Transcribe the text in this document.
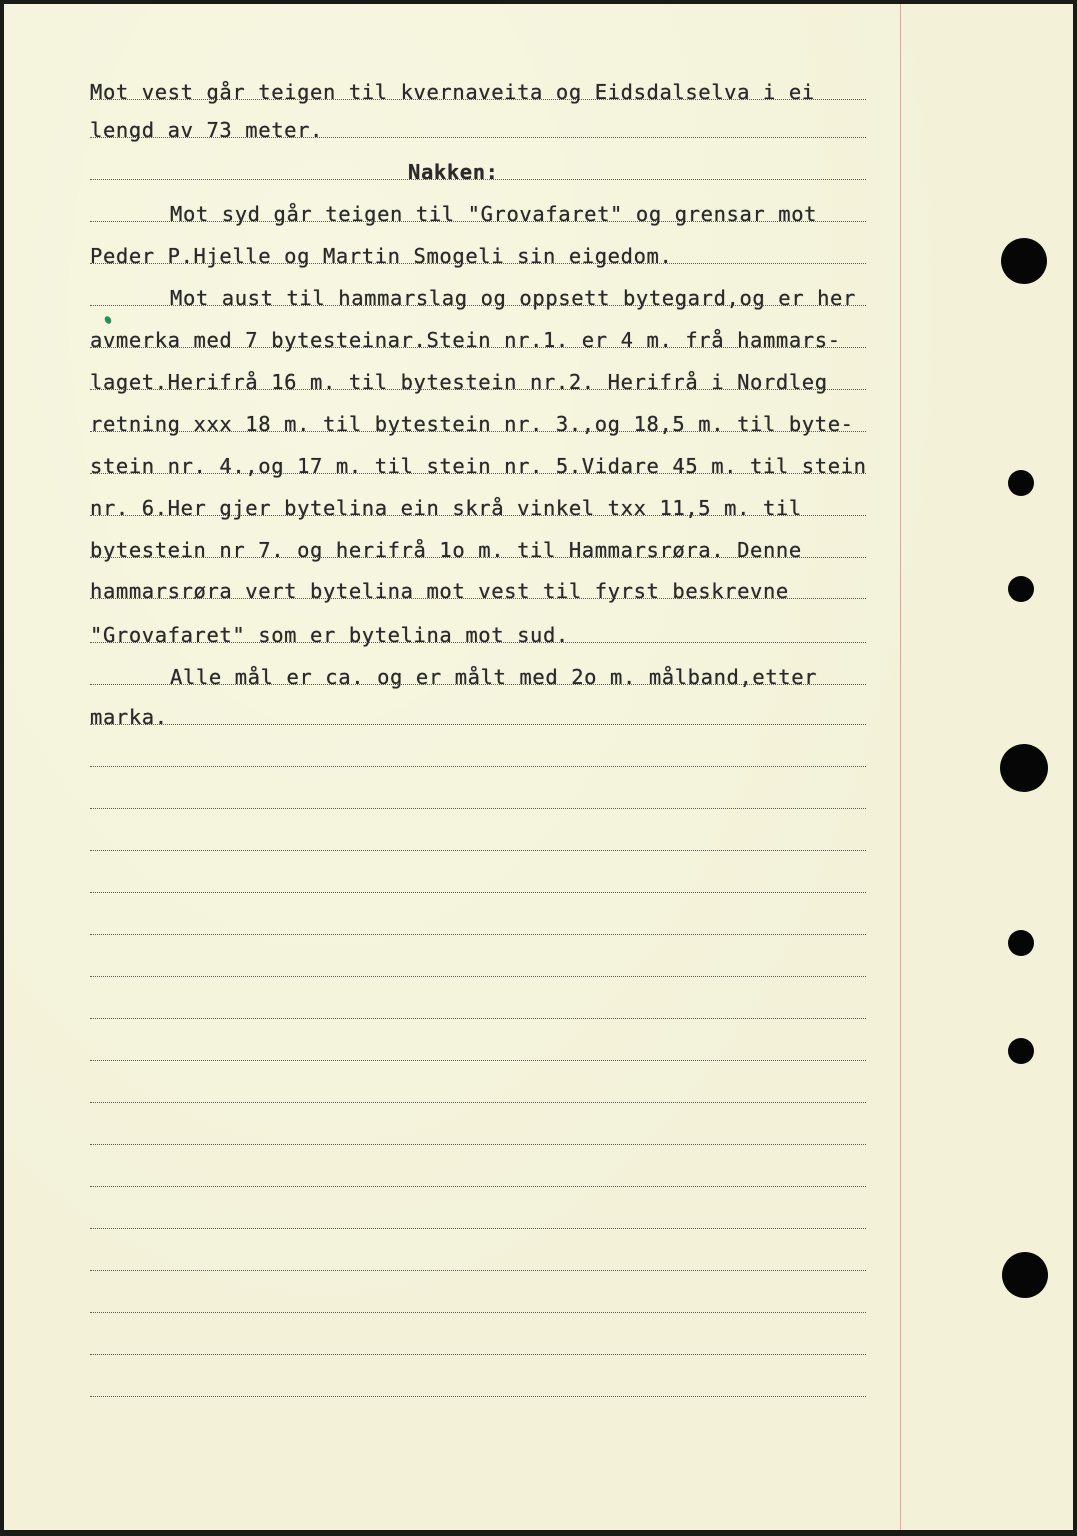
Mot vest går teigen til kvernaveita og Eidsdalselva i ei
lengd av 73 meter.
Nakken:
Mot syd går teigen til "Grovafaret" og grensar mot
Peder P.Hjelle og Martin Smogeli sin eigedom.
Mot aust til hammarslag og oppsett bytegard,og er her
avmerka med 7 bytesteinar.Stein nr.1. er 4 m. frå hammars-
laget.Herifrå 16 m. til bytestein nr.2. Herifrå i Nordleg
retning xxx 18 m. til bytestein nr. 3.,og 18,5 m. til byte-
stein nr. 4.,og 17 m. til stein nr. 5.Vidare 45 m. til stein
nr. 6.Her gjer bytelina ein skrå vinkel txx 11,5 m. til
bytestein nr 7. og herifrå 1o m. til Hammarsrøra. Denne
hammarsrøra vert bytelina mot vest til fyrst beskrevne
"Grovafaret" som er bytelina mot sud.
Alle mål er ca. og er målt med 2o m. målband,etter
marka.
